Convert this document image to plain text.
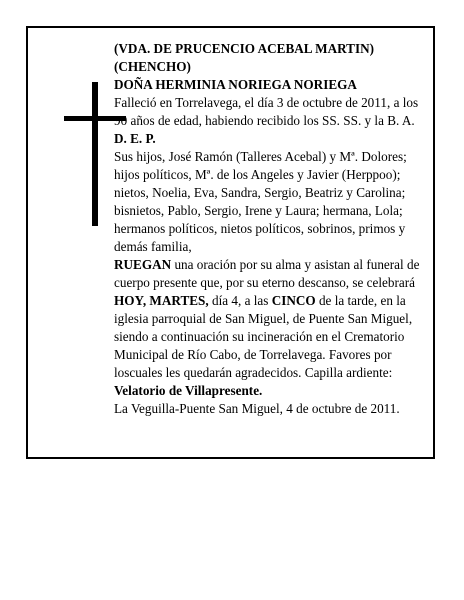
(VDA. DE PRUCENCIO ACEBAL MARTIN)

(CHENCHO)

DOÑA HERMINIA NORIEGA NORIEGA

Falleció en Torrelavega, el día 3 de octubre de 2011, a los 90 años de edad, habiendo recibido los SS. SS. y la B. A.

D. E. P.

Sus hijos, José Ramón (Talleres Acebal) y Mª. Dolores; hijos políticos, Mª. de los Angeles y Javier (Herppoo); nietos, Noelia, Eva, Sandra, Sergio, Beatriz y Carolina; bisnietos, Pablo, Sergio, Irene y Laura; hermana, Lola; hermanos políticos, nietos políticos, sobrinos, primos y demás familia,

RUEGAN una oración por su alma y asistan al funeral de cuerpo presente que, por su eterno descanso, se celebrará HOY, MARTES, día 4, a las CINCO de la tarde, en la iglesia parroquial de San Miguel, de Puente San Miguel, siendo a continuación su incineración en el Crematorio Municipal de Río Cabo, de Torrelavega. Favores por loscuales les quedarán agradecidos. Capilla ardiente: Velatorio de Villapresente.

La Veguilla-Puente San Miguel, 4 de octubre de 2011.
